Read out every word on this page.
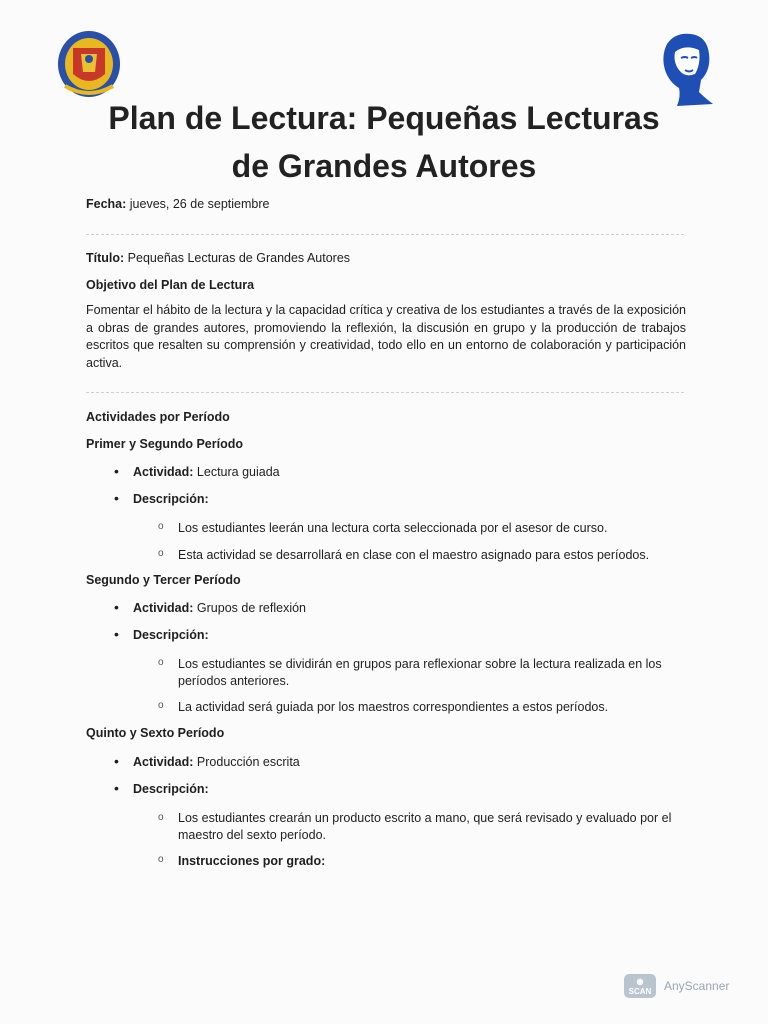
Plan de Lectura: Pequeñas Lecturas
de Grandes Autores
Fecha: jueves, 26 de septiembre
Título: Pequeñas Lecturas de Grandes Autores
Objetivo del Plan de Lectura

Fomentar el hábito de la lectura y la capacidad crítica y creativa de los estudiantes a través de la exposición a obras de grandes autores, promoviendo la reflexión, la discusión en grupo y la producción de trabajos escritos que resalten su comprensión y creatividad, todo ello en un entorno de colaboración y participación activa.

Actividades por Período
Primer y Segundo Período
• Actividad: Lectura guiada
• Descripción:
o Los estudiantes leerán una lectura corta seleccionada por el asesor de curso.
o Esta actividad se desarrollará en clase con el maestro asignado para estos períodos.
Segundo y Tercer Período
• Actividad: Grupos de reflexión
• Descripción:
o Los estudiantes se dividirán en grupos para reflexionar sobre la lectura realizada en los períodos anteriores.
o La actividad será guiada por los maestros correspondientes a estos períodos.
Quinto y Sexto Período
• Actividad: Producción escrita
• Descripción:
o Los estudiantes crearán un producto escrito a mano, que será revisado y evaluado por el maestro del sexto período.
o Instrucciones por grado:
◉
SCAN	AnyScanner
